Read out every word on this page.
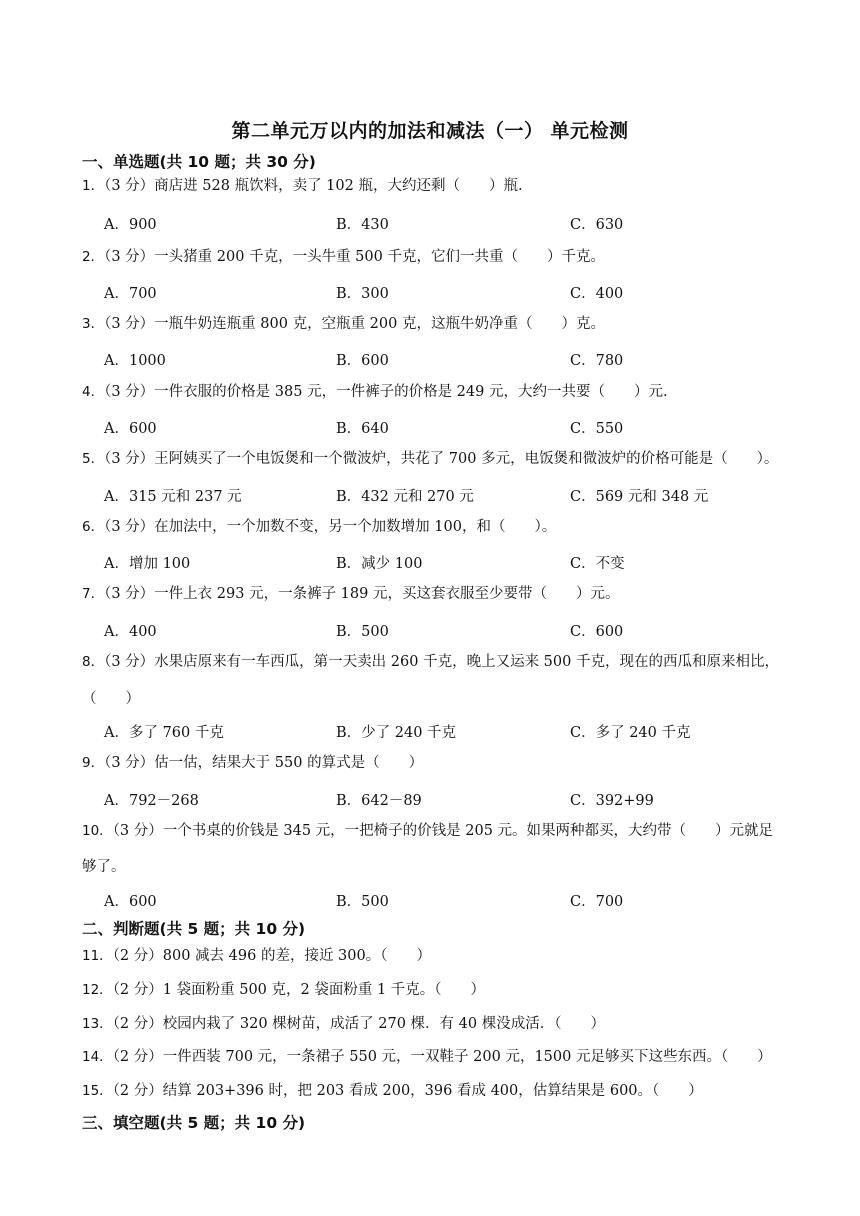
第二单元万以内的加法和减法（一） 单元检测
一、单选题(共 10 题；共 30 分)
1．（3 分）商店进 528 瓶饮料，卖了 102 瓶，大约还剩（　　）瓶.
A．900	B．430	C．630
2．（3 分）一头猪重 200 千克，一头牛重 500 千克，它们一共重（　　）千克。
A．700	B．300	C．400
3．（3 分）一瓶牛奶连瓶重 800 克，空瓶重 200 克，这瓶牛奶净重（　　）克。
A．1000	B．600	C．780
4．（3 分）一件衣服的价格是 385 元，一件裤子的价格是 249 元，大约一共要（　　）元.
A．600	B．640	C．550
5．（3 分）王阿姨买了一个电饭煲和一个微波炉，共花了 700 多元，电饭煲和微波炉的价格可能是（　　）。
A．315 元和 237 元	B．432 元和 270 元	C．569 元和 348 元
6．（3 分）在加法中，一个加数不变，另一个加数增加 100，和（　　）。
A．增加 100	B．减少 100	C．不变
7．（3 分）一件上衣 293 元，一条裤子 189 元，买这套衣服至少要带（　　）元。
A．400	B．500	C．600
8．（3 分）水果店原来有一车西瓜，第一天卖出 260 千克，晚上又运来 500 千克，现在的西瓜和原来相比，
（　　）
A．多了 760 千克	B．少了 240 千克	C．多了 240 千克
9．（3 分）估一估，结果大于 550 的算式是（　　）
A．792－268	B．642－89	C．392+99
10．（3 分）一个书桌的价钱是 345 元，一把椅子的价钱是 205 元。如果两种都买，大约带（　　）元就足
够了。
A．600	B．500	C．700
二、判断题(共 5 题；共 10 分)
11．（2 分）800 减去 496 的差，接近 300。（　　）
12．（2 分）1 袋面粉重 500 克，2 袋面粉重 1 千克。（　　）
13．（2 分）校园内栽了 320 棵树苗，成活了 270 棵．有 40 棵没成活．（　　）
14．（2 分）一件西装 700 元，一条裙子 550 元，一双鞋子 200 元，1500 元足够买下这些东西。（　　）
15．（2 分）结算 203+396 时，把 203 看成 200，396 看成 400，估算结果是 600。（　　）
三、填空题(共 5 题；共 10 分)
